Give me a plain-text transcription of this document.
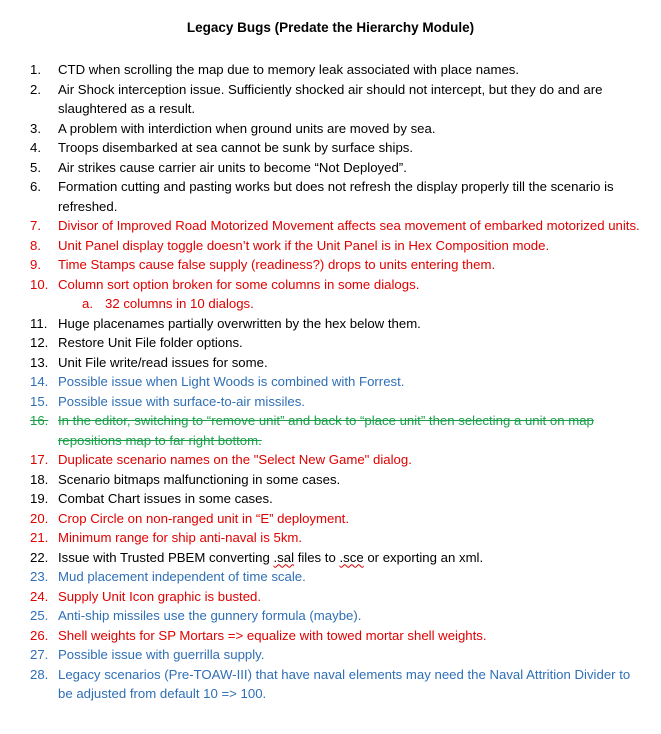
Legacy Bugs (Predate the Hierarchy Module)
1.	CTD when scrolling the map due to memory leak associated with place names.
2.	Air Shock interception issue. Sufficiently shocked air should not intercept, but they do and are slaughtered as a result.
3.	A problem with interdiction when ground units are moved by sea.
4.	Troops disembarked at sea cannot be sunk by surface ships.
5.	Air strikes cause carrier air units to become “Not Deployed”.
6.	Formation cutting and pasting works but does not refresh the display properly till the scenario is refreshed.
7.	Divisor of Improved Road Motorized Movement affects sea movement of embarked motorized units.
8.	Unit Panel display toggle doesn’t work if the Unit Panel is in Hex Composition mode.
9.	Time Stamps cause false supply (readiness?) drops to units entering them.
10. Column sort option broken for some columns in some dialogs.
a. 32 columns in 10 dialogs.
11. Huge placenames partially overwritten by the hex below them.
12. Restore Unit File folder options.
13. Unit File write/read issues for some.
14. Possible issue when Light Woods is combined with Forrest.
15. Possible issue with surface-to-air missiles.
16. In the editor, switching to “remove unit” and back to “place unit” then selecting a unit on map repositions map to far right bottom.
17. Duplicate scenario names on the "Select New Game" dialog.
18. Scenario bitmaps malfunctioning in some cases.
19. Combat Chart issues in some cases.
20. Crop Circle on non-ranged unit in “E” deployment.
21. Minimum range for ship anti-naval is 5km.
22. Issue with Trusted PBEM converting .sal files to .sce or exporting an xml.
23. Mud placement independent of time scale.
24. Supply Unit Icon graphic is busted.
25. Anti-ship missiles use the gunnery formula (maybe).
26. Shell weights for SP Mortars => equalize with towed mortar shell weights.
27. Possible issue with guerrilla supply.
28. Legacy scenarios (Pre-TOAW-III) that have naval elements may need the Naval Attrition Divider to be adjusted from default 10 => 100.
